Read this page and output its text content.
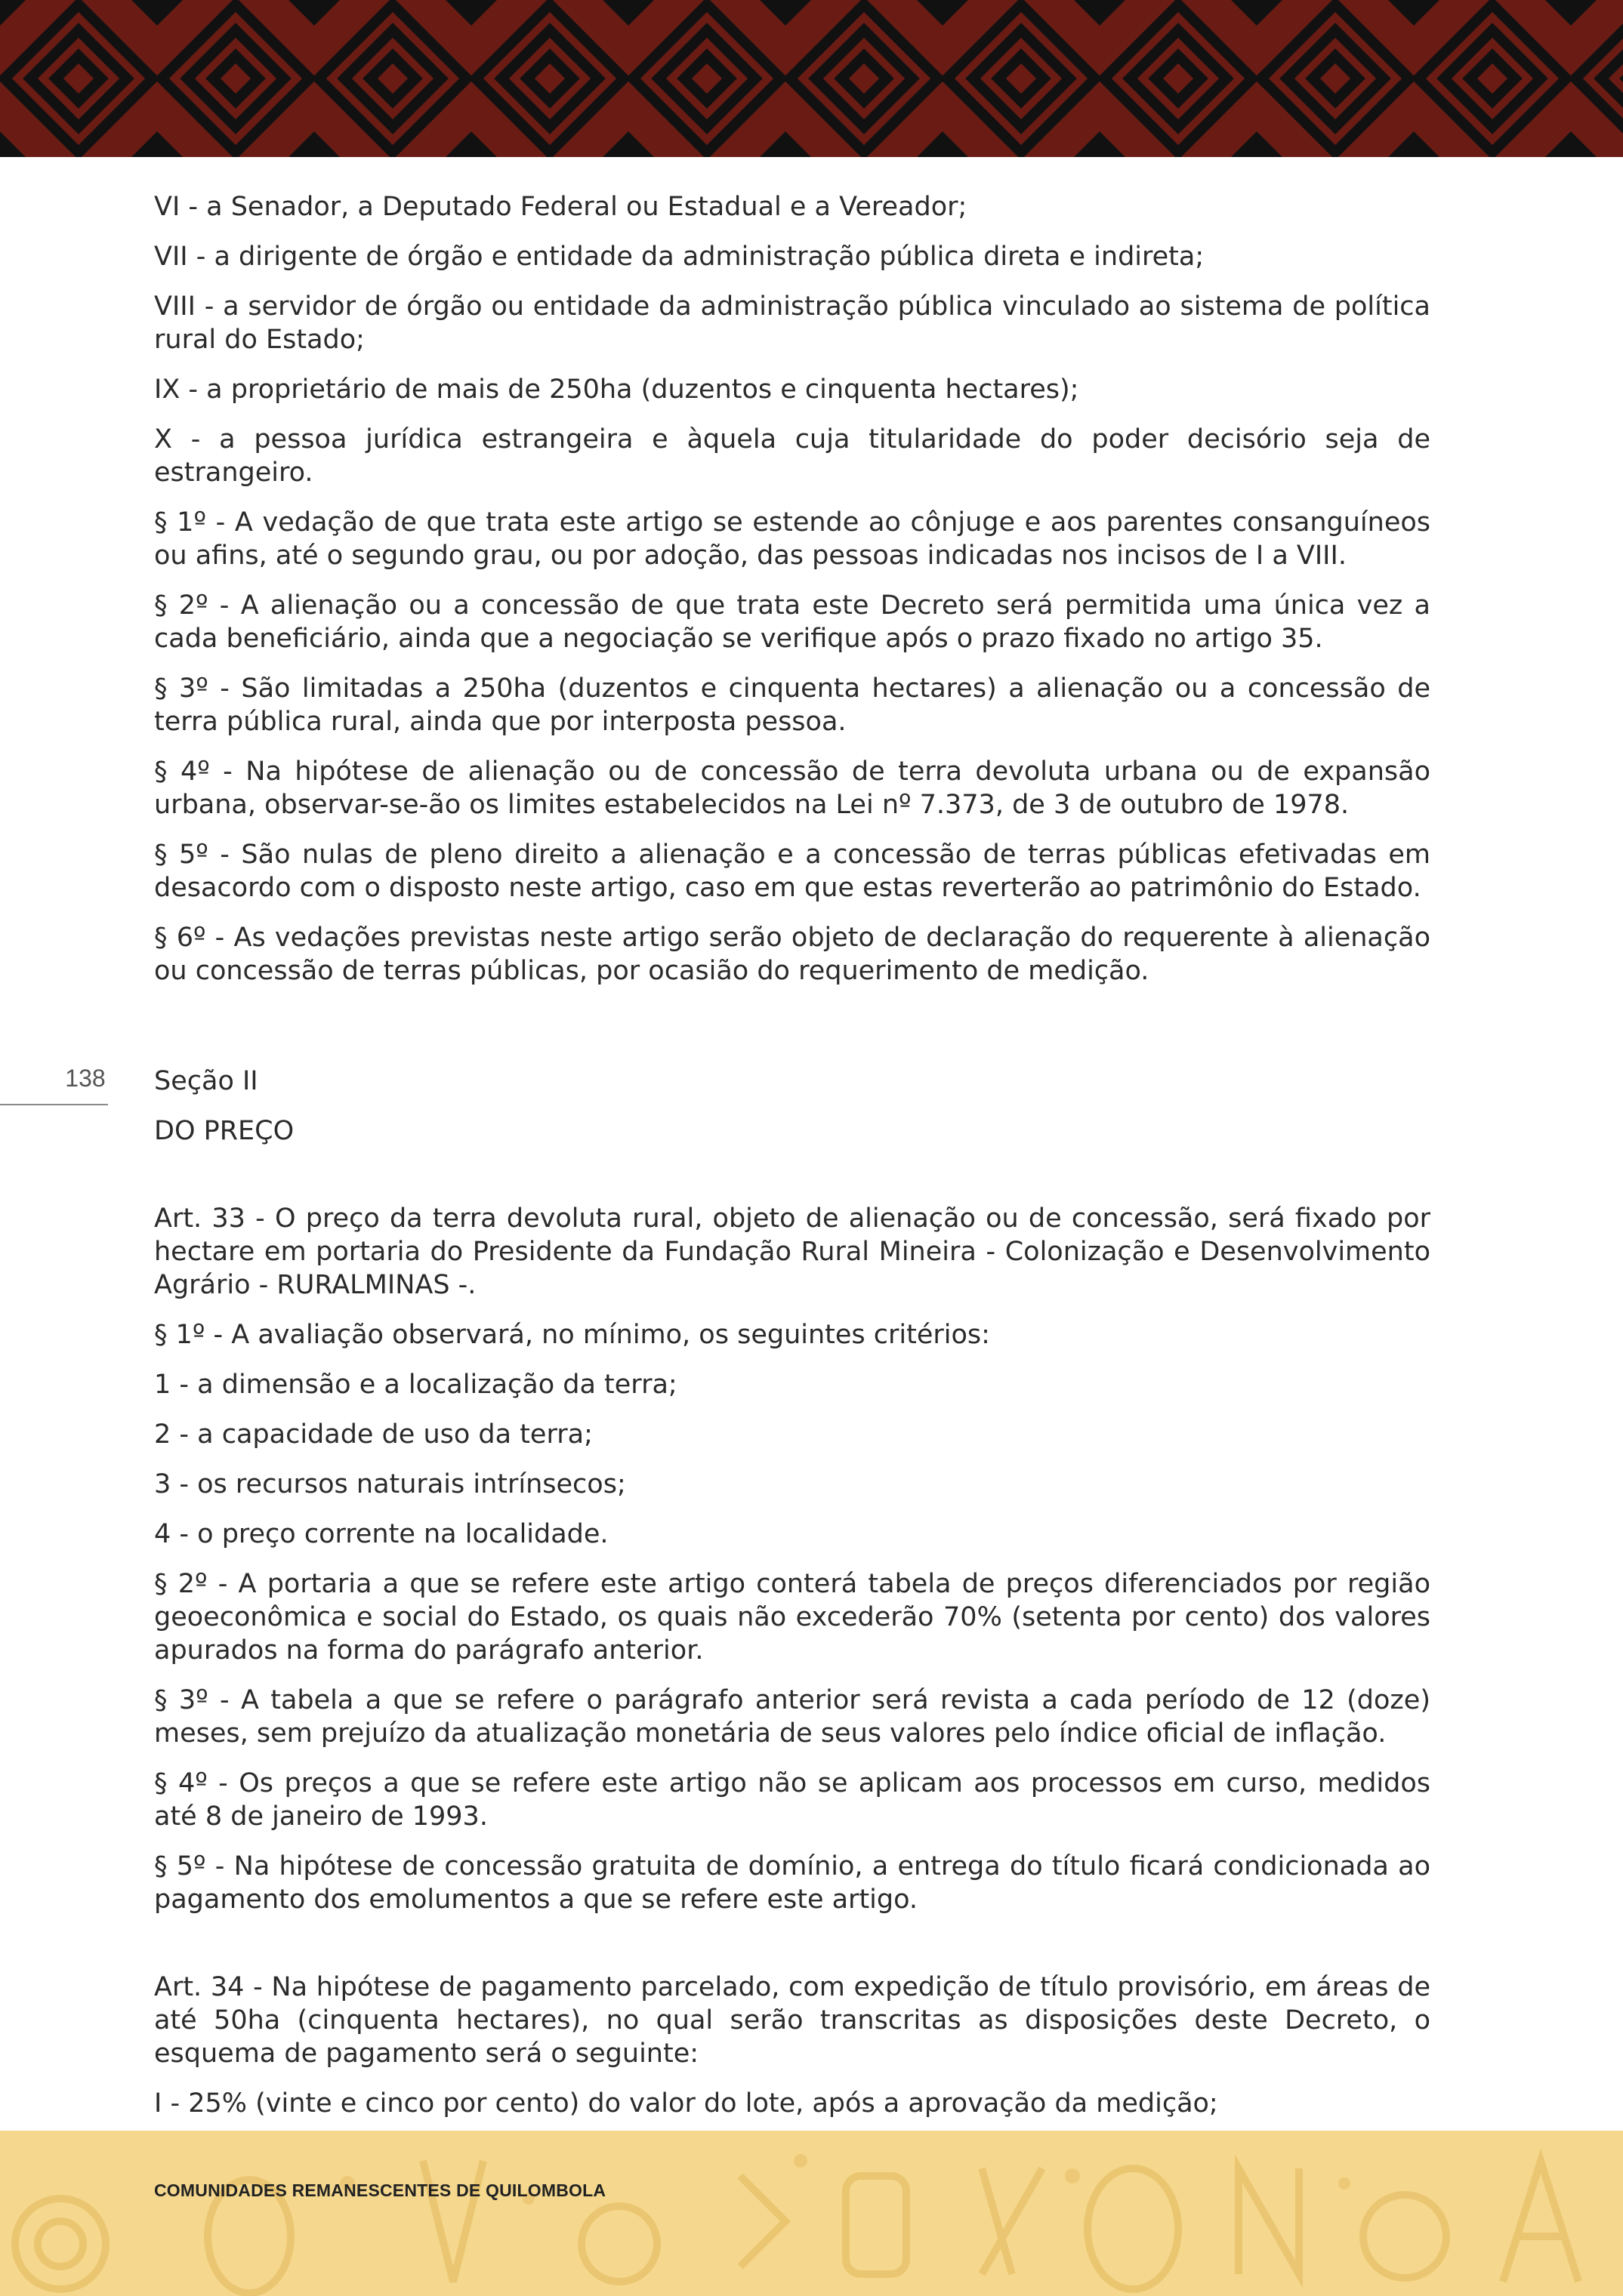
138

VI - a Senador, a Deputado Federal ou Estadual e a Vereador;

VII - a dirigente de órgão e entidade da administração pública direta e indireta;

VIII - a servidor de órgão ou entidade da administração pública vinculado ao sistema de política rural do Estado;

IX - a proprietário de mais de 250ha (duzentos e cinquenta hectares);

X - a pessoa jurídica estrangeira e àquela cuja titularidade do poder decisório seja de estrangeiro.

§ 1º - A vedação de que trata este artigo se estende ao cônjuge e aos parentes consanguíneos ou afins, até o segundo grau, ou por adoção, das pessoas indicadas nos incisos de I a VIII.

§ 2º - A alienação ou a concessão de que trata este Decreto será permitida uma única vez a cada beneficiário, ainda que a negociação se verifique após o prazo fixado no artigo 35.

§ 3º - São limitadas a 250ha (duzentos e cinquenta hectares) a alienação ou a concessão de terra pública rural, ainda que por interposta pessoa.

§ 4º - Na hipótese de alienação ou de concessão de terra devoluta urbana ou de expansão urbana, observar-se-ão os limites estabelecidos na Lei nº 7.373, de 3 de outubro de 1978.

§ 5º - São nulas de pleno direito a alienação e a concessão de terras públicas efetivadas em desacordo com o disposto neste artigo, caso em que estas reverterão ao patrimônio do Estado.

§ 6º - As vedações previstas neste artigo serão objeto de declaração do requerente à alienação ou concessão de terras públicas, por ocasião do requerimento de medição.

Seção II

DO PREÇO

Art. 33 - O preço da terra devoluta rural, objeto de alienação ou de concessão, será fixado por hectare em portaria do Presidente da Fundação Rural Mineira - Colonização e Desenvolvimento Agrário - RURALMINAS -.

§ 1º - A avaliação observará, no mínimo, os seguintes critérios:

1 - a dimensão e a localização da terra;

2 - a capacidade de uso da terra;

3 - os recursos naturais intrínsecos;

4 - o preço corrente na localidade.

§ 2º - A portaria a que se refere este artigo conterá tabela de preços diferenciados por região geoeconômica e social do Estado, os quais não excederão 70% (setenta por cento) dos valores apurados na forma do parágrafo anterior.

§ 3º - A tabela a que se refere o parágrafo anterior será revista a cada período de 12 (doze) meses, sem prejuízo da atualização monetária de seus valores pelo índice oficial de inflação.

§ 4º - Os preços a que se refere este artigo não se aplicam aos processos em curso, medidos até 8 de janeiro de 1993.

§ 5º - Na hipótese de concessão gratuita de domínio, a entrega do título ficará condicionada ao pagamento dos emolumentos a que se refere este artigo.

Art. 34 - Na hipótese de pagamento parcelado, com expedição de título provisório, em áreas de até 50ha (cinquenta hectares), no qual serão transcritas as disposições deste Decreto, o esquema de pagamento será o seguinte:

I - 25% (vinte e cinco por cento) do valor do lote, após a aprovação da medição;

COMUNIDADES REMANESCENTES DE QUILOMBOLA
